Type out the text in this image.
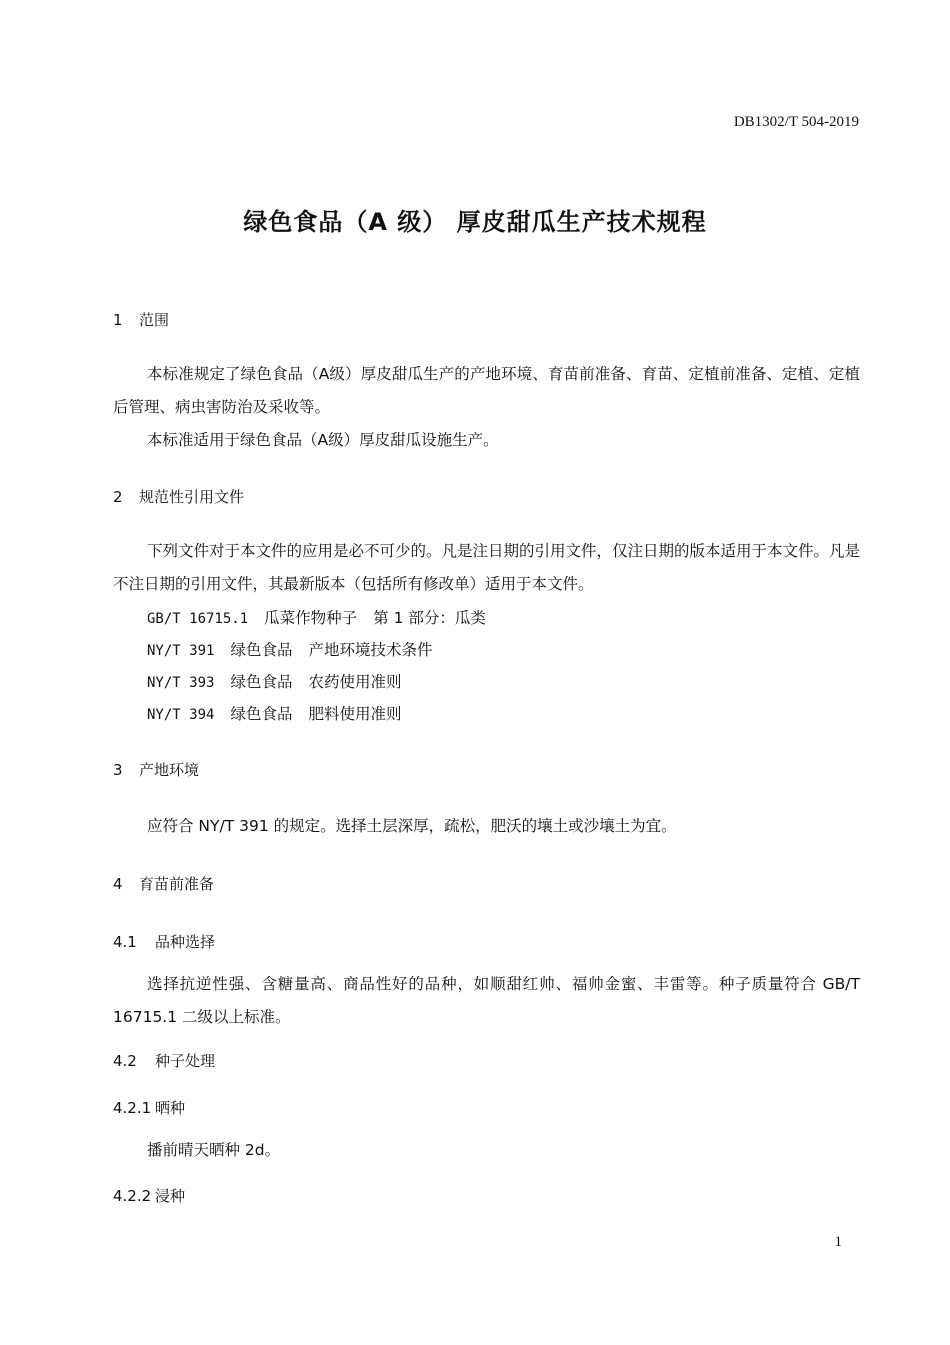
DB1302/T 504-2019
绿色食品（A 级） 厚皮甜瓜生产技术规程
1 范围

本标准规定了绿色食品（A级）厚皮甜瓜生产的产地环境、育苗前准备、育苗、定植前准备、定植、定植后管理、病虫害防治及采收等。

本标准适用于绿色食品（A级）厚皮甜瓜设施生产。

2 规范性引用文件

下列文件对于本文件的应用是必不可少的。凡是注日期的引用文件，仅注日期的版本适用于本文件。凡是不注日期的引用文件，其最新版本（包括所有修改单）适用于本文件。

GB/T 16715.1 瓜菜作物种子 第 1 部分：瓜类
NY/T 391 绿色食品 产地环境技术条件
NY/T 393 绿色食品 农药使用准则
NY/T 394 绿色食品 肥料使用准则
3 产地环境

应符合 NY/T 391 的规定。选择土层深厚，疏松，肥沃的壤土或沙壤土为宜。

4 育苗前准备
4.1 品种选择

选择抗逆性强、含糖量高、商品性好的品种，如顺甜红帅、福帅金蜜、丰雷等。种子质量符合 GB/T 16715.1 二级以上标准。

4.2 种子处理
4.2.1 晒种

播前晴天晒种 2d。

4.2.2 浸种
1
